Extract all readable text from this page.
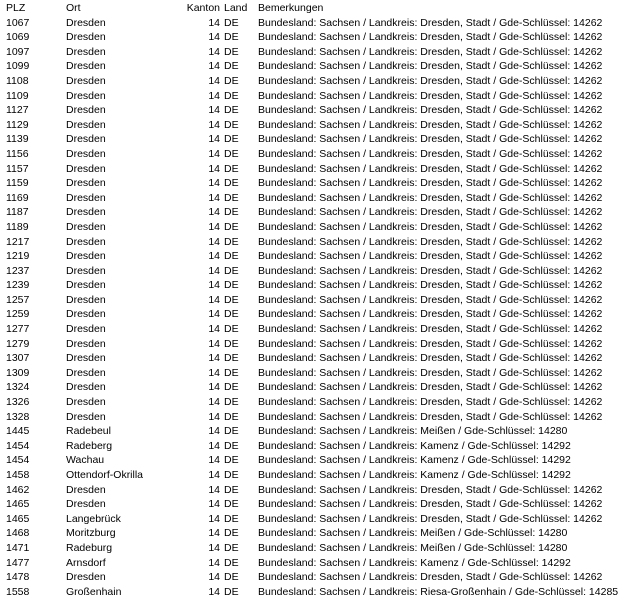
PLZ	Ort	Kanton Land	Bemerkungen
1067	Dresden	14 DE	Bundesland: Sachsen / Landkreis: Dresden, Stadt / Gde-Schlüssel: 14262
1069	Dresden	14 DE	Bundesland: Sachsen / Landkreis: Dresden, Stadt / Gde-Schlüssel: 14262
1097	Dresden	14 DE	Bundesland: Sachsen / Landkreis: Dresden, Stadt / Gde-Schlüssel: 14262
1099	Dresden	14 DE	Bundesland: Sachsen / Landkreis: Dresden, Stadt / Gde-Schlüssel: 14262
1108	Dresden	14 DE	Bundesland: Sachsen / Landkreis: Dresden, Stadt / Gde-Schlüssel: 14262
1109	Dresden	14 DE	Bundesland: Sachsen / Landkreis: Dresden, Stadt / Gde-Schlüssel: 14262
1127	Dresden	14 DE	Bundesland: Sachsen / Landkreis: Dresden, Stadt / Gde-Schlüssel: 14262
1129	Dresden	14 DE	Bundesland: Sachsen / Landkreis: Dresden, Stadt / Gde-Schlüssel: 14262
1139	Dresden	14 DE	Bundesland: Sachsen / Landkreis: Dresden, Stadt / Gde-Schlüssel: 14262
1156	Dresden	14 DE	Bundesland: Sachsen / Landkreis: Dresden, Stadt / Gde-Schlüssel: 14262
1157	Dresden	14 DE	Bundesland: Sachsen / Landkreis: Dresden, Stadt / Gde-Schlüssel: 14262
1159	Dresden	14 DE	Bundesland: Sachsen / Landkreis: Dresden, Stadt / Gde-Schlüssel: 14262
1169	Dresden	14 DE	Bundesland: Sachsen / Landkreis: Dresden, Stadt / Gde-Schlüssel: 14262
1187	Dresden	14 DE	Bundesland: Sachsen / Landkreis: Dresden, Stadt / Gde-Schlüssel: 14262
1189	Dresden	14 DE	Bundesland: Sachsen / Landkreis: Dresden, Stadt / Gde-Schlüssel: 14262
1217	Dresden	14 DE	Bundesland: Sachsen / Landkreis: Dresden, Stadt / Gde-Schlüssel: 14262
1219	Dresden	14 DE	Bundesland: Sachsen / Landkreis: Dresden, Stadt / Gde-Schlüssel: 14262
1237	Dresden	14 DE	Bundesland: Sachsen / Landkreis: Dresden, Stadt / Gde-Schlüssel: 14262
1239	Dresden	14 DE	Bundesland: Sachsen / Landkreis: Dresden, Stadt / Gde-Schlüssel: 14262
1257	Dresden	14 DE	Bundesland: Sachsen / Landkreis: Dresden, Stadt / Gde-Schlüssel: 14262
1259	Dresden	14 DE	Bundesland: Sachsen / Landkreis: Dresden, Stadt / Gde-Schlüssel: 14262
1277	Dresden	14 DE	Bundesland: Sachsen / Landkreis: Dresden, Stadt / Gde-Schlüssel: 14262
1279	Dresden	14 DE	Bundesland: Sachsen / Landkreis: Dresden, Stadt / Gde-Schlüssel: 14262
1307	Dresden	14 DE	Bundesland: Sachsen / Landkreis: Dresden, Stadt / Gde-Schlüssel: 14262
1309	Dresden	14 DE	Bundesland: Sachsen / Landkreis: Dresden, Stadt / Gde-Schlüssel: 14262
1324	Dresden	14 DE	Bundesland: Sachsen / Landkreis: Dresden, Stadt / Gde-Schlüssel: 14262
1326	Dresden	14 DE	Bundesland: Sachsen / Landkreis: Dresden, Stadt / Gde-Schlüssel: 14262
1328	Dresden	14 DE	Bundesland: Sachsen / Landkreis: Dresden, Stadt / Gde-Schlüssel: 14262
1445	Radebeul	14 DE	Bundesland: Sachsen / Landkreis: Meißen / Gde-Schlüssel: 14280
1454	Radeberg	14 DE	Bundesland: Sachsen / Landkreis: Kamenz / Gde-Schlüssel: 14292
1454	Wachau	14 DE	Bundesland: Sachsen / Landkreis: Kamenz / Gde-Schlüssel: 14292
1458	Ottendorf-Okrilla	14 DE	Bundesland: Sachsen / Landkreis: Kamenz / Gde-Schlüssel: 14292
1462	Dresden	14 DE	Bundesland: Sachsen / Landkreis: Dresden, Stadt / Gde-Schlüssel: 14262
1465	Dresden	14 DE	Bundesland: Sachsen / Landkreis: Dresden, Stadt / Gde-Schlüssel: 14262
1465	Langebrück	14 DE	Bundesland: Sachsen / Landkreis: Dresden, Stadt / Gde-Schlüssel: 14262
1468	Moritzburg	14 DE	Bundesland: Sachsen / Landkreis: Meißen / Gde-Schlüssel: 14280
1471	Radeburg	14 DE	Bundesland: Sachsen / Landkreis: Meißen / Gde-Schlüssel: 14280
1477	Arnsdorf	14 DE	Bundesland: Sachsen / Landkreis: Kamenz / Gde-Schlüssel: 14292
1478	Dresden	14 DE	Bundesland: Sachsen / Landkreis: Dresden, Stadt / Gde-Schlüssel: 14262
1558	Großenhain	14 DE	Bundesland: Sachsen / Landkreis: Riesa-Großenhain / Gde-Schlüssel: 14285
